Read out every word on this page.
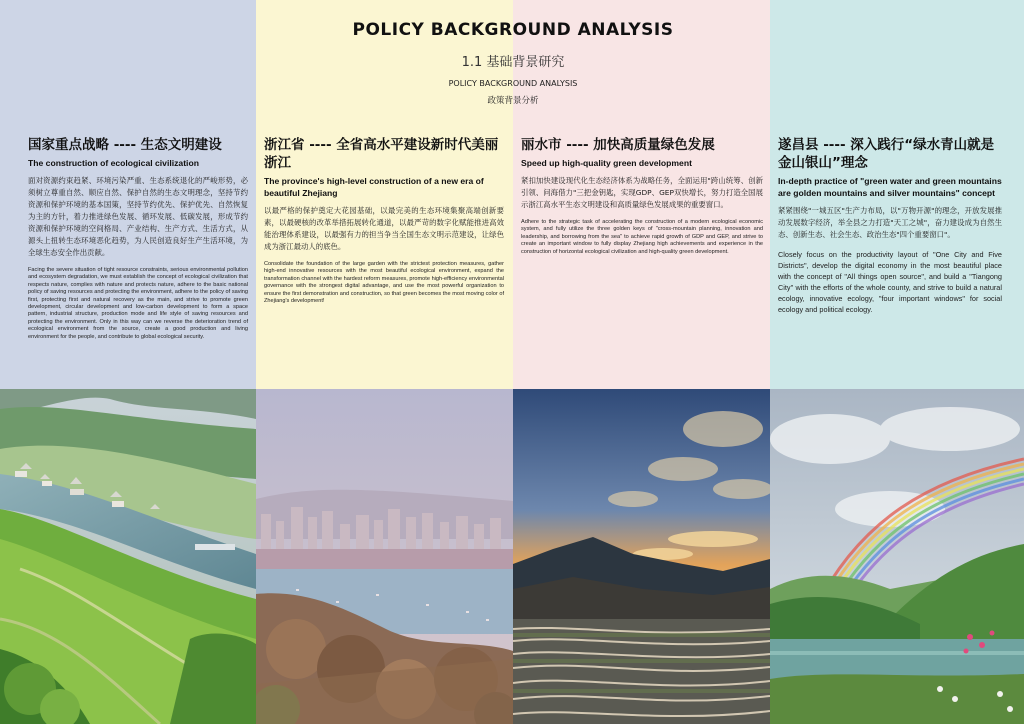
POLICY BACKGROUND ANALYSIS
1.1 基础背景研究
POLICY BACKGROUND ANALYSIS
政策背景分析

国家重点战略 ---- 生态文明建设

The construction of ecological civilization

面对资源约束趋紧、环境污染严重、生态系统退化的严峻形势，必须树立尊重自然、顺应自然、保护自然的生态文明理念，坚持节约资源和保护环境的基本国策，坚持节约优先、保护优先、自然恢复为主的方针，着力推进绿色发展、循环发展、低碳发展，形成节约资源和保护环境的空间格局、产业结构、生产方式、生活方式，从源头上扭转生态环境恶化趋势，为人民创造良好生产生活环境，为全球生态安全作出贡献。

Facing the severe situation of tight resource constraints, serious environmental pollution and ecosystem degradation, we must establish the concept of ecological civilization that respects nature, complies with nature and protects nature, adhere to the basic national policy of saving resources and protecting the environment, adhere to the policy of saving first, protecting first and natural recovery as the main, and strive to promote green development, circular development and low-carbon development to form a space pattern, industrial structure, production mode and life style of saving resources and protecting the environment. Only in this way can we reverse the deterioration trend of ecological environment from the source, create a good production and living environment for the people, and contribute to global ecological security.

浙江省 ---- 全省高水平建设新时代美丽浙江

The province's high-level construction of a new era of beautiful Zhejiang

以最严格的保护奠定大花园基础，以最完美的生态环境集聚高端创新要素，以最硬核的改革举措拓展转化通道，以最严苛的数字化赋能推进高效能治理体系建设，以最强有力的担当争当全国生态文明示范建设，让绿色成为浙江最动人的底色。

Consolidate the foundation of the large garden with the strictest protection measures, gather high-end innovative resources with the most beautiful ecological environment, expand the transformation channel with the hardest reform measures, promote high-efficiency environmental governance with the strongest digital advantage, and use the most powerful organization to ensure the first demonstration and construction, so that green becomes the most moving color of Zhejiang's development!

丽水市 ---- 加快高质量绿色发展

Speed up high-quality green development

紧扣加快建设现代化生态经济体系为战略任务，全面运用"跨山统筹、创新引领、问海借力"三把金钥匙，实现GDP、GEP双快增长，努力打造全国展示浙江高水平生态文明建设和高质量绿色发展成果的重要窗口。

Adhere to the strategic task of accelerating the construction of a modern ecological economic system, and fully utilize the three golden keys of "cross-mountain planning, innovation and leadership, and borrowing from the sea" to achieve rapid growth of GDP and GEP, and strive to create an important window to fully display Zhejiang high achievements and experience in the construction of horizontal ecological civilization and high-quality green development.

遂昌县 ---- 深入践行“绿水青山就是金山银山”理念

In-depth practice of "green water and green mountains are golden mountains and silver mountains" concept

紧紧围绕"一城五区"生产力布局，以"万物开源"的理念，开放发展推动发展数字经济，举全县之力打造"天工之城"，奋力建设成为自然生态、创新生态、社会生态、政治生态"四个重要窗口"。

Closely focus on the productivity layout of "One City and Five Districts", develop the digital economy in the most beautiful place with the concept of "All things open source", and build a "Tiangong City" with the efforts of the whole county, and strive to build a natural ecology, innovative ecology, "four important windows" for social ecology and political ecology.
